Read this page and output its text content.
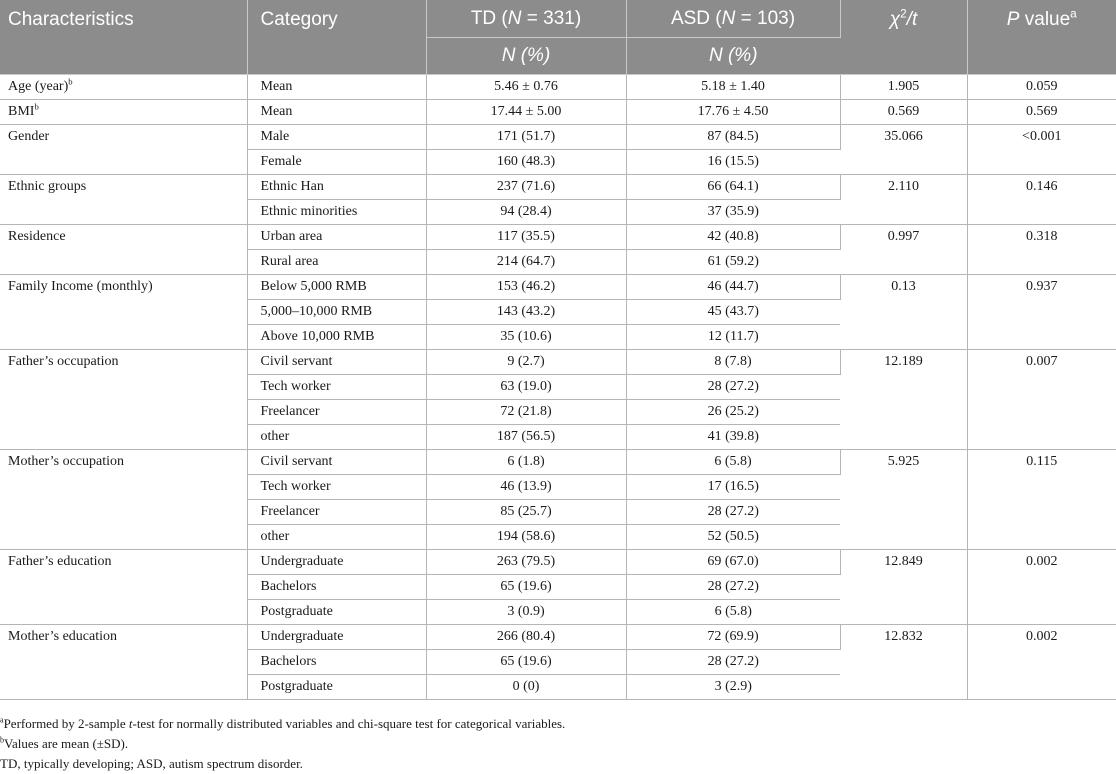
Characteristics	Category	TD (N = 331)	ASD (N = 103)	$\chi^2/t$	P value$^a$
		N (%)	N (%)		
Age (year)$^b$	Mean	5.46 ± 0.76	5.18 ± 1.40	1.905	0.059
BMI$^b$	Mean	17.44 ± 5.00	17.76 ± 4.50	0.569	0.569
Gender	Male	171 (51.7)	87 (84.5)	35.066	<0.001
	Female	160 (48.3)	16 (15.5)		
Ethnic groups	Ethnic Han	237 (71.6)	66 (64.1)	2.110	0.146
	Ethnic minorities	94 (28.4)	37 (35.9)		
Residence	Urban area	117 (35.5)	42 (40.8)	0.997	0.318
	Rural area	214 (64.7)	61 (59.2)		
Family Income (monthly)	Below 5,000 RMB	153 (46.2)	46 (44.7)	0.13	0.937
	5,000–10,000 RMB	143 (43.2)	45 (43.7)		
	Above 10,000 RMB	35 (10.6)	12 (11.7)		
Father’s occupation	Civil servant	9 (2.7)	8 (7.8)	12.189	0.007
	Tech worker	63 (19.0)	28 (27.2)		
	Freelancer	72 (21.8)	26 (25.2)		
	other	187 (56.5)	41 (39.8)		
Mother’s occupation	Civil servant	6 (1.8)	6 (5.8)	5.925	0.115
	Tech worker	46 (13.9)	17 (16.5)		
	Freelancer	85 (25.7)	28 (27.2)		
	other	194 (58.6)	52 (50.5)		
Father’s education	Undergraduate	263 (79.5)	69 (67.0)	12.849	0.002
	Bachelors	65 (19.6)	28 (27.2)		
	Postgraduate	3 (0.9)	6 (5.8)		
Mother’s education	Undergraduate	266 (80.4)	72 (69.9)	12.832	0.002
	Bachelors	65 (19.6)	28 (27.2)		
	Postgraduate	0 (0)	3 (2.9)		

$^a$Performed by 2-sample t-test for normally distributed variables and chi-square test for categorical variables.

$^b$Values are mean (±SD).

TD, typically developing; ASD, autism spectrum disorder.
